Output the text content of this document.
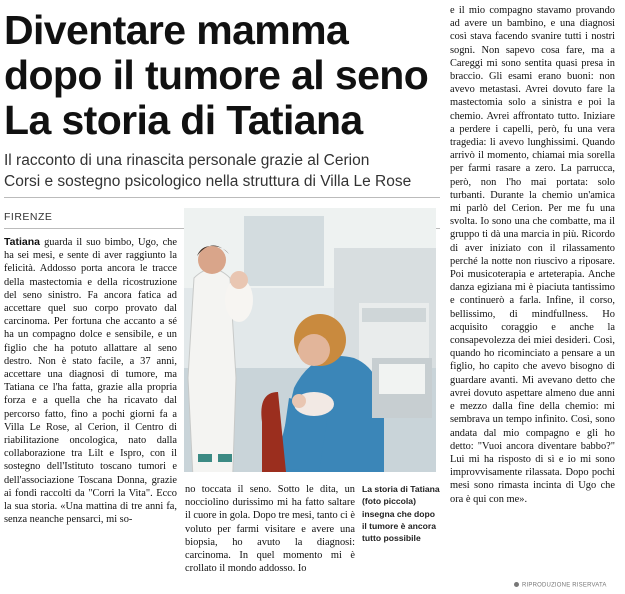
Diventare mamma
dopo il tumore al seno
La storia di Tatiana
Il racconto di una rinascita personale grazie al Cerion
Corsi e sostegno psicologico nella struttura di Villa Le Rose
FIRENZE

Tatiana guarda il suo bimbo, Ugo, che ha sei mesi, e sente di aver raggiunto la felicità. Addosso porta ancora le tracce della mastectomia e della ricostruzione del seno sinistro. Fa ancora fatica ad accettare quel suo corpo provato dal carcinoma. Per fortuna che accanto a sé ha un compagno dolce e sensibile, e un figlio che ha potuto allattare al seno destro. Non è stato facile, a 37 anni, accettare una diagnosi di tumore, ma Tatiana ce l'ha fatta, grazie alla propria forza e a quella che ha ricavato dal percorso fatto, fino a pochi giorni fa a Villa Le Rose, al Cerion, il Centro di riabilitazione oncologica, nato dalla collaborazione tra Lilt e Ispro, con il sostegno dell'Istituto toscano tumori e dell'associazione Toscana Donna, grazie ai fondi raccolti da "Corri la Vita". Ecco la sua storia. «Una mattina di tre anni fa, senza neanche pensarci, mi so-

no toccata il seno. Sotto le dita, un nocciolino durissimo mi ha fatto saltare il cuore in gola. Dopo tre mesi, tanto ci è voluto per farmi visitare e avere una biopsia, ho avuto la diagnosi: carcinoma. In quel momento mi è crollato il mondo addosso. Io

La storia di Tatiana (foto piccola) insegna che dopo il tumore è ancora tutto possibile

e il mio compagno stavamo provando ad avere un bambino, e una diagnosi così stava facendo svanire tutti i nostri sogni. Non sapevo cosa fare, ma a Careggi mi sono sentita quasi presa in braccio. Gli esami erano buoni: non avevo metastasi. Avrei dovuto fare la mastectomia solo a sinistra e poi la chemio. Avrei affrontato tutto. Iniziare a perdere i capelli, però, fu una vera tragedia: li avevo lunghissimi. Quando arrivò il momento, chiamai mia sorella per farmi rasare a zero. La parrucca, però, non l'ho mai portata: solo turbanti. Durante la chemio un'amica mi parlò del Cerion. Per me fu una svolta. Io sono una che combatte, ma il gruppo ti dà una marcia in più. Ricordo di aver iniziato con il rilassamento perché la notte non riuscivo a riposare. Poi musicoterapia e arteterapia. Anche danza egiziana mi è piaciuta tantissimo e continuerò a farla. Infine, il corso, bellissimo, di mindfullness. Ho acquisito coraggio e anche la consapevolezza dei miei desideri. Così, quando ho ricominciato a pensare a un figlio, ho capito che avevo bisogno di guardare avanti. Mi avevano detto che avrei dovuto aspettare almeno due anni e mezzo dalla fine della chemio: mi sembrava un tempo infinito. Così, sono andata dal mio compagno e gli ho detto: "Vuoi ancora diventare babbo?" Lui mi ha risposto di sì e io mi sono improvvisamente rilassata. Dopo pochi mesi sono rimasta incinta di Ugo che ora è qui con me».

RIPRODUZIONE RISERVATA
